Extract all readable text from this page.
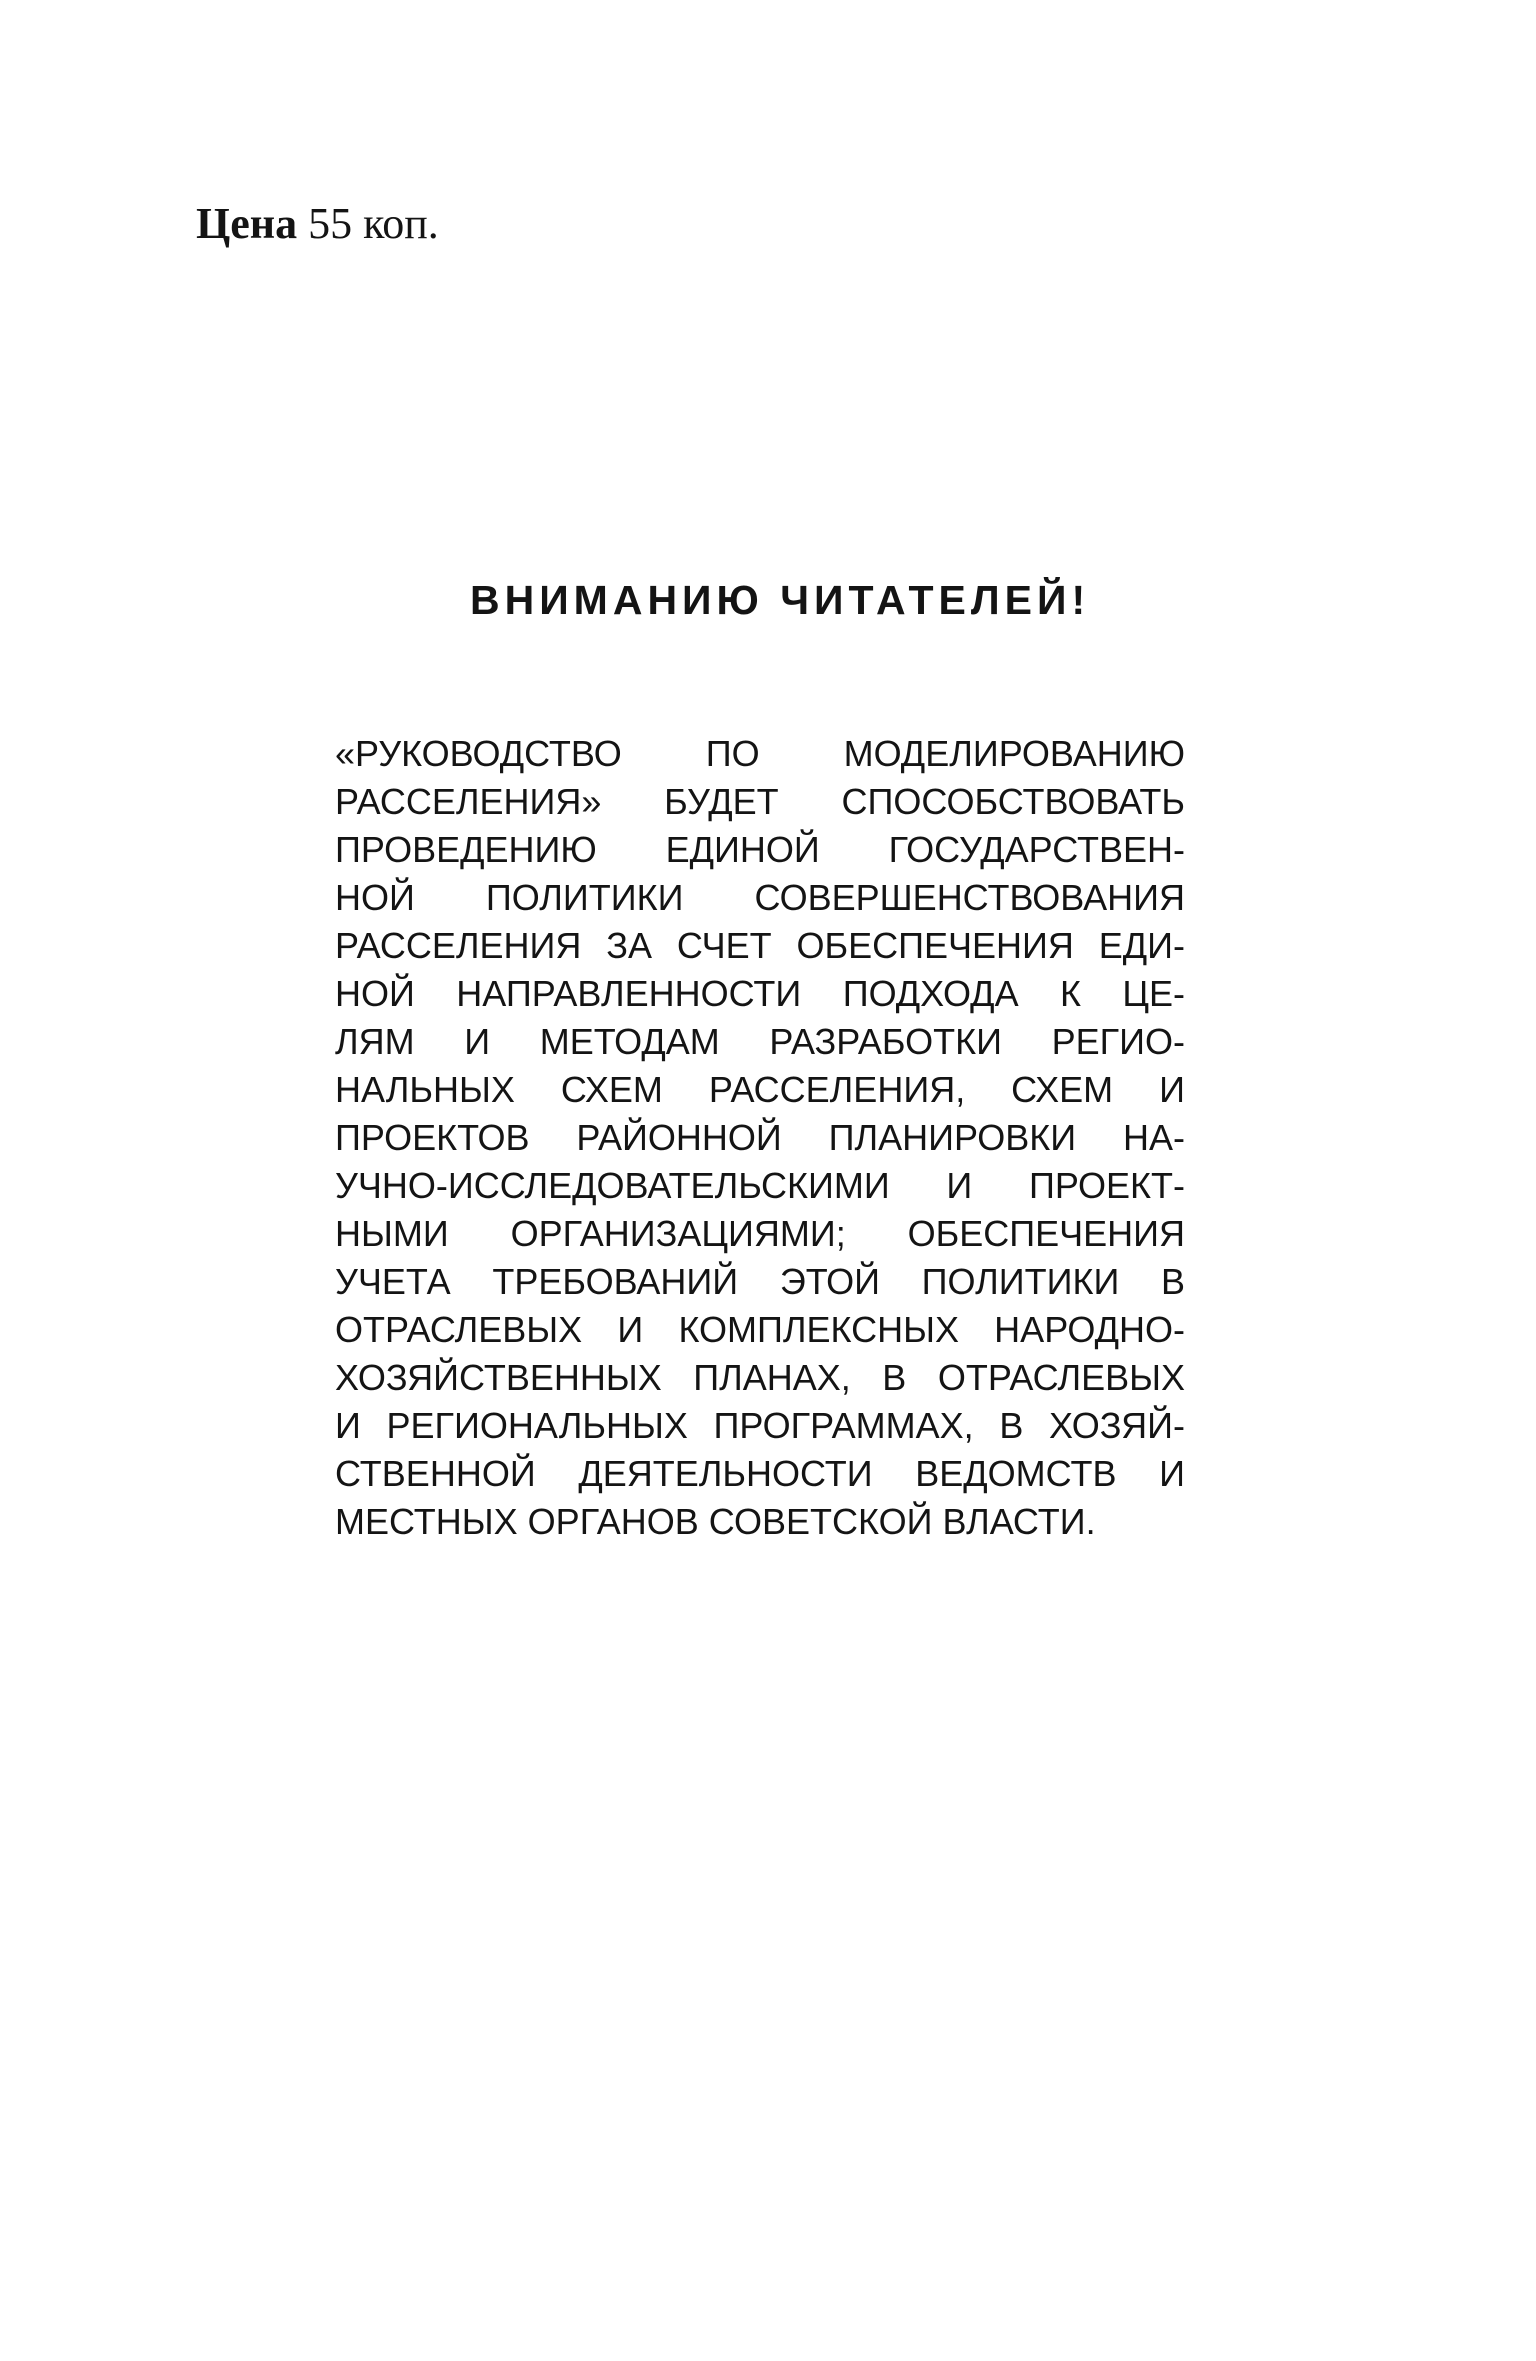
Цена 55 коп.

ВНИМАНИЮ ЧИТАТЕЛЕЙ!
«РУКОВОДСТВО ПО МОДЕЛИРОВАНИЮ
РАССЕЛЕНИЯ» БУДЕТ СПОСОБСТВОВАТЬ
ПРОВЕДЕНИЮ ЕДИНОЙ ГОСУДАРСТВЕН-
НОЙ ПОЛИТИКИ СОВЕРШЕНСТВОВАНИЯ
РАССЕЛЕНИЯ ЗА СЧЕТ ОБЕСПЕЧЕНИЯ ЕДИ-
НОЙ НАПРАВЛЕННОСТИ ПОДХОДА К ЦЕ-
ЛЯМ И МЕТОДАМ РАЗРАБОТКИ РЕГИО-
НАЛЬНЫХ СХЕМ РАССЕЛЕНИЯ, СХЕМ И
ПРОЕКТОВ РАЙОННОЙ ПЛАНИРОВКИ НА-
УЧНО-ИССЛЕДОВАТЕЛЬСКИМИ И ПРОЕКТ-
НЫМИ ОРГАНИЗАЦИЯМИ; ОБЕСПЕЧЕНИЯ
УЧЕТА ТРЕБОВАНИЙ ЭТОЙ ПОЛИТИКИ В
ОТРАСЛЕВЫХ И КОМПЛЕКСНЫХ НАРОДНО-
ХОЗЯЙСТВЕННЫХ ПЛАНАХ, В ОТРАСЛЕВЫХ
И РЕГИОНАЛЬНЫХ ПРОГРАММАХ, В ХОЗЯЙ-
СТВЕННОЙ ДЕЯТЕЛЬНОСТИ ВЕДОМСТВ И
МЕСТНЫХ ОРГАНОВ СОВЕТСКОЙ ВЛАСТИ.
